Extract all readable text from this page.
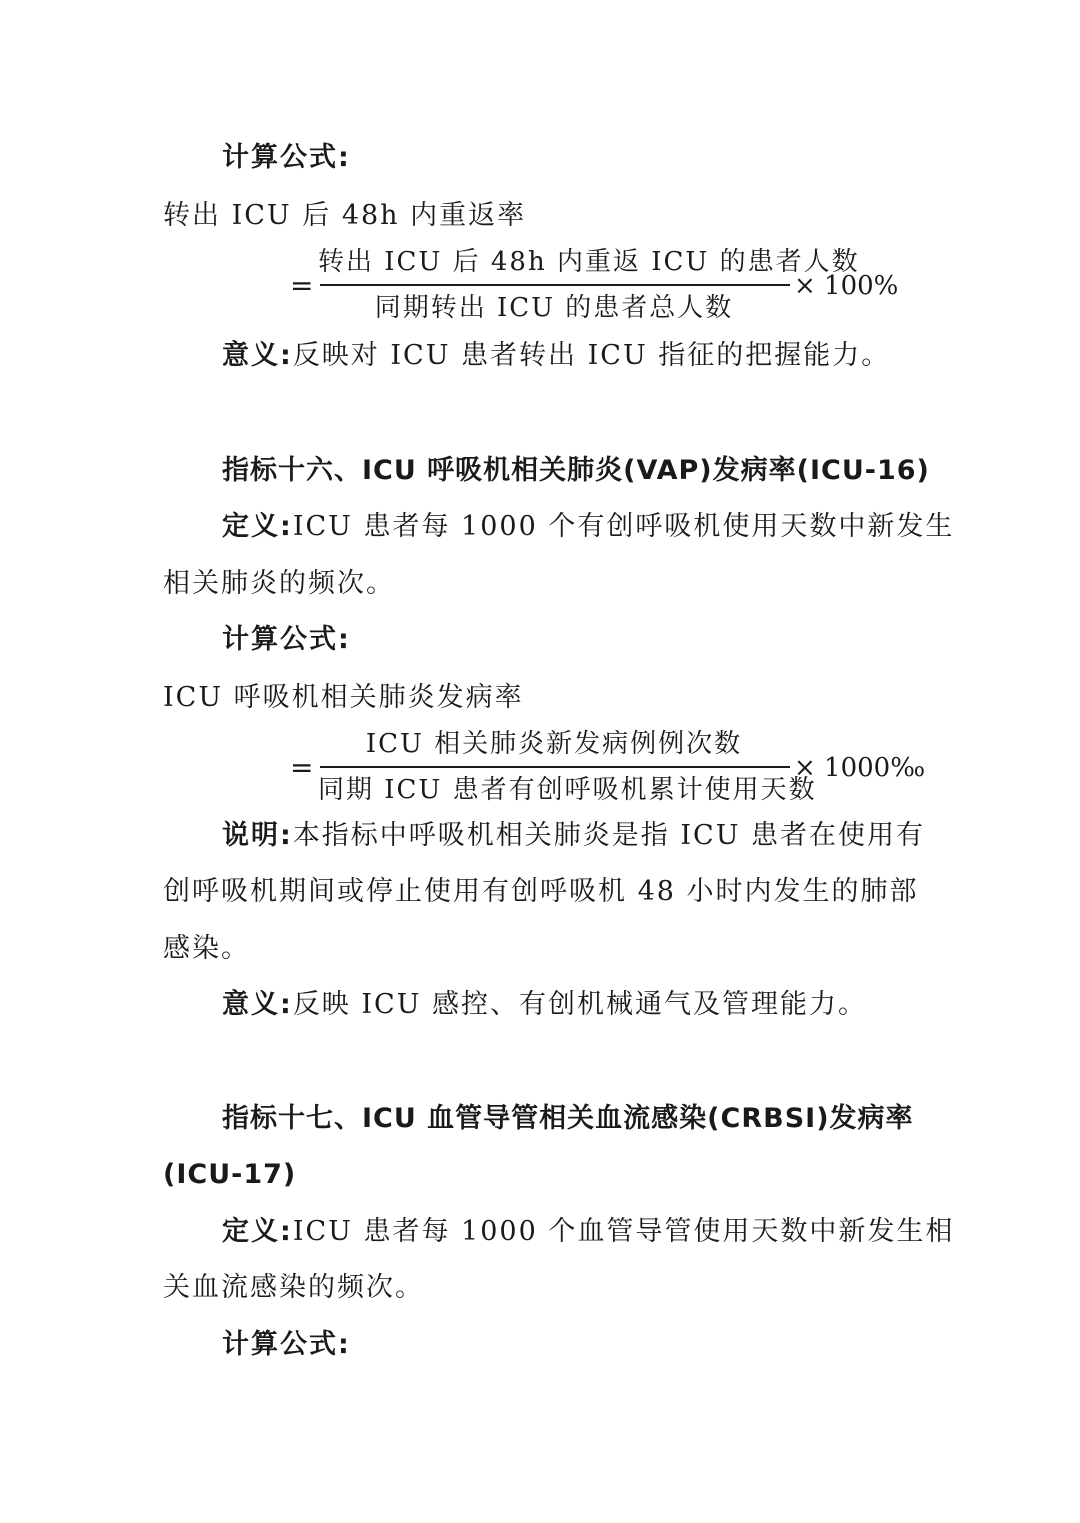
计算公式:
转出 ICU 后 48h 内重返率
=
转出 ICU 后 48h 内重返 ICU 的患者人数
同期转出 ICU 的患者总人数
× 100%
意义:反映对 ICU 患者转出 ICU 指征的把握能力。
指标十六、ICU 呼吸机相关肺炎(VAP)发病率(ICU-16)
定义:ICU 患者每 1000 个有创呼吸机使用天数中新发生
相关肺炎的频次。
计算公式:
ICU 呼吸机相关肺炎发病率
=
ICU 相关肺炎新发病例例次数
同期 ICU 患者有创呼吸机累计使用天数
× 1000‰
说明:本指标中呼吸机相关肺炎是指 ICU 患者在使用有
创呼吸机期间或停止使用有创呼吸机 48 小时内发生的肺部
感染。
意义:反映 ICU 感控、有创机械通气及管理能力。
指标十七、ICU 血管导管相关血流感染(CRBSI)发病率
(ICU-17)
定义:ICU 患者每 1000 个血管导管使用天数中新发生相
关血流感染的频次。
计算公式:
